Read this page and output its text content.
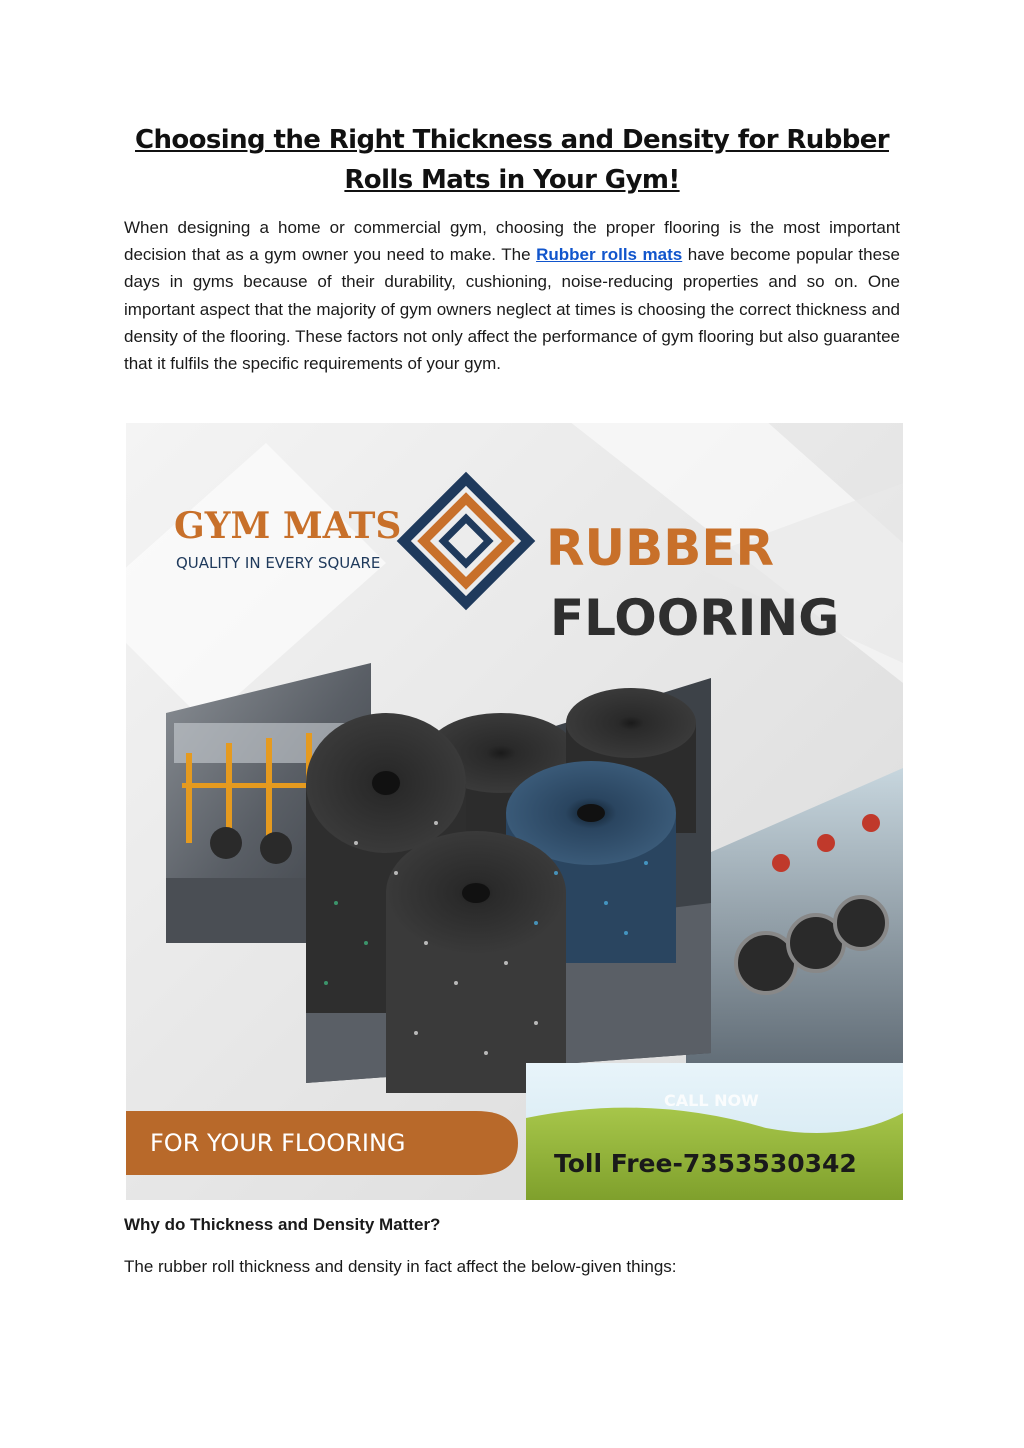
Choosing the Right Thickness and Density for Rubber Rolls Mats in Your Gym!

When designing a home or commercial gym, choosing the proper flooring is the most important decision that as a gym owner you need to make. The Rubber rolls mats have become popular these days in gyms because of their durability, cushioning, noise-reducing properties and so on. One important aspect that the majority of gym owners neglect at times is choosing the correct thickness and density of the flooring. These factors not only affect the performance of gym flooring but also guarantee that it fulfils the specific requirements of your gym.

GYM MATS
QUALITY IN EVERY SQUARE	RUBBER
FLOORING
CALL NOW
Toll Free-7353530342
FOR YOUR FLOORING
Why do Thickness and Density Matter?

The rubber roll thickness and density in fact affect the below-given things:
